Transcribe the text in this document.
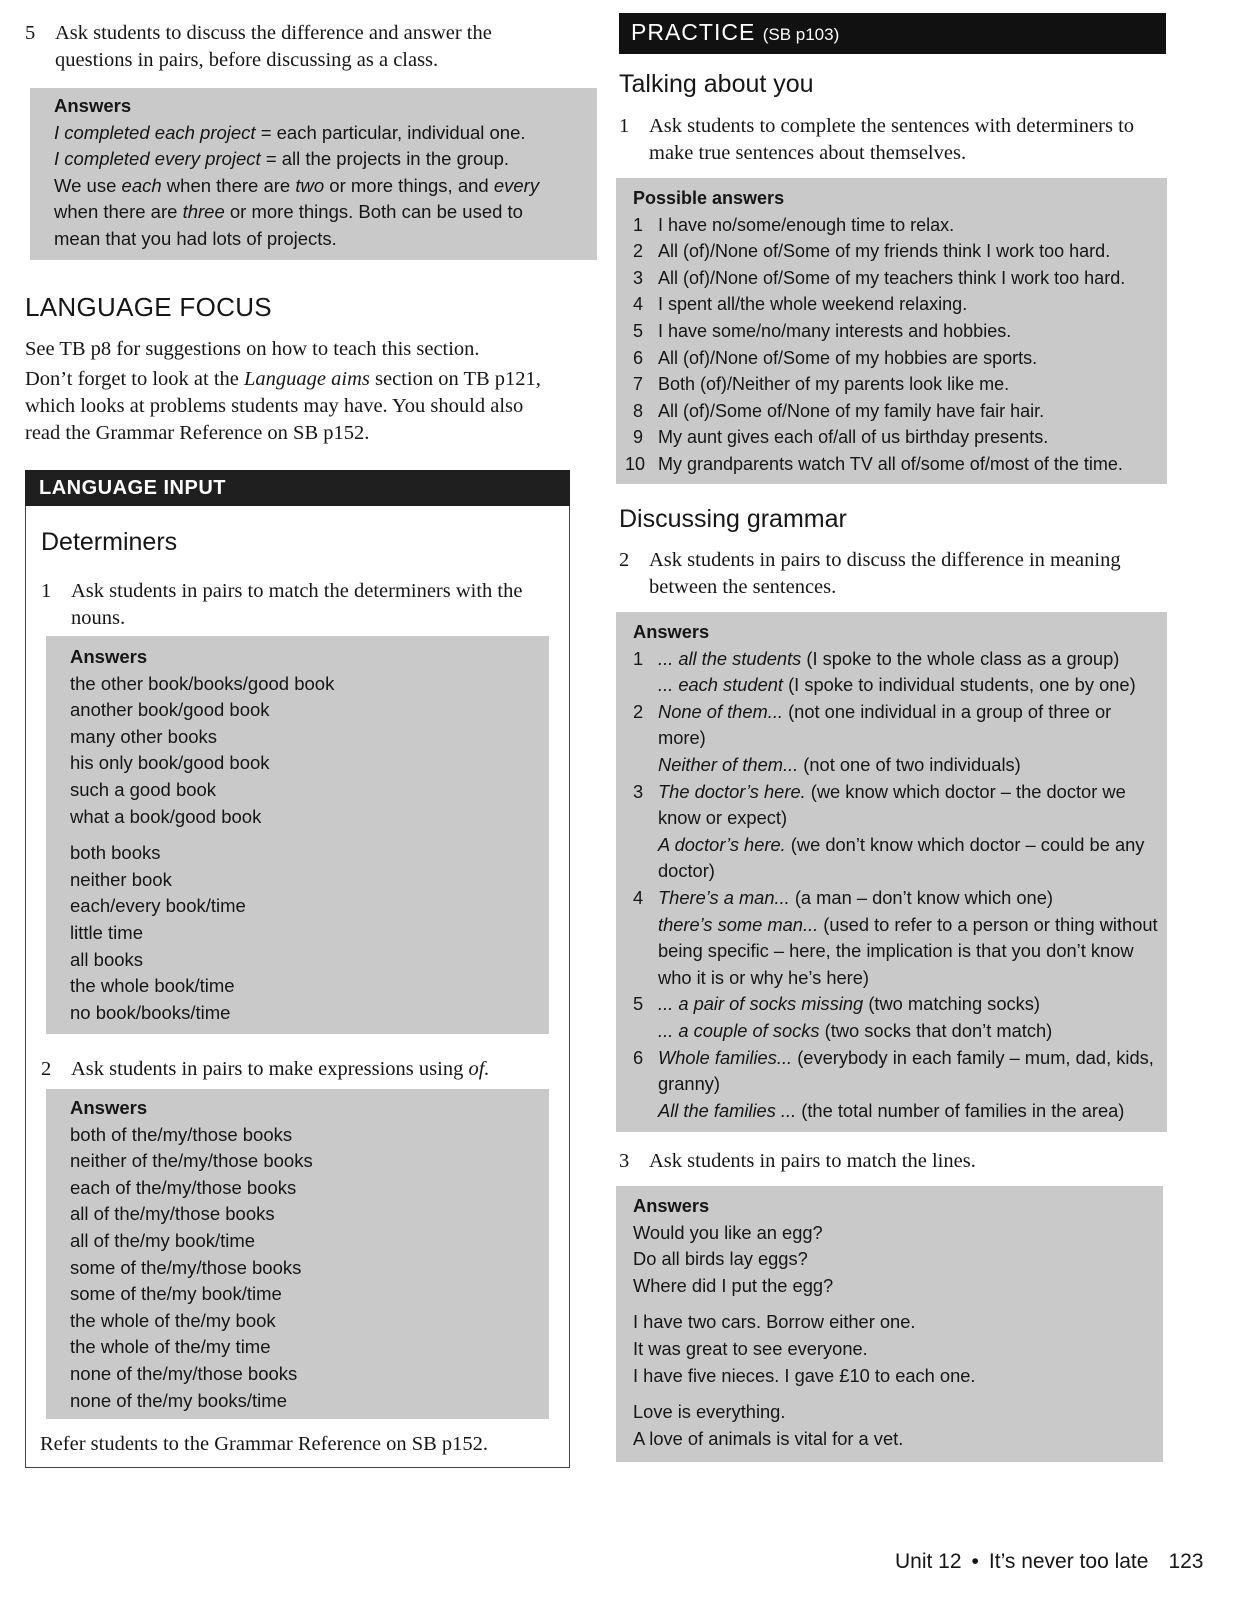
5 Ask students to discuss the difference and answer the questions in pairs, before discussing as a class.
Answers
I completed each project = each particular, individual one.
I completed every project = all the projects in the group.
We use each when there are two or more things, and every
when there are three or more things. Both can be used to
mean that you had lots of projects.
LANGUAGE FOCUS

See TB p8 for suggestions on how to teach this section.

Don’t forget to look at the Language aims section on TB p121, which looks at problems students may have. You should also read the Grammar Reference on SB p152.

LANGUAGE INPUT
Determiners
1 Ask students in pairs to match the determiners with the nouns.
Answers
the other book/books/good book
another book/good book
many other books
his only book/good book
such a good book
what a book/good book
both books
neither book
each/every book/time
little time
all books
the whole book/time
no book/books/time
2 Ask students in pairs to make expressions using of.
Answers
both of the/my/those books
neither of the/my/those books
each of the/my/those books
all of the/my/those books
all of the/my book/time
some of the/my/those books
some of the/my book/time
the whole of the/my book
the whole of the/my time
none of the/my/those books
none of the/my books/time

Refer students to the Grammar Reference on SB p152.

PRACTICE (SB p103)
Talking about you
1 Ask students to complete the sentences with determiners to make true sentences about themselves.
Possible answers
1 I have no/some/enough time to relax.
2 All (of)/None of/Some of my friends think I work too hard.
3 All (of)/None of/Some of my teachers think I work too hard.
4 I spent all/the whole weekend relaxing.
5 I have some/no/many interests and hobbies.
6 All (of)/None of/Some of my hobbies are sports.
7 Both (of)/Neither of my parents look like me.
8 All (of)/Some of/None of my family have fair hair.
9 My aunt gives each of/all of us birthday presents.
10 My grandparents watch TV all of/some of/most of the time.
Discussing grammar
2 Ask students in pairs to discuss the difference in meaning between the sentences.
Answers
1 ... all the students (I spoke to the whole class as a group)
... each student (I spoke to individual students, one by one)
2 None of them... (not one individual in a group of three or more)
Neither of them... (not one of two individuals)
3 The doctor’s here. (we know which doctor – the doctor we know or expect)
A doctor’s here. (we don’t know which doctor – could be any doctor)
4 There’s a man... (a man – don’t know which one)
there’s some man... (used to refer to a person or thing without being specific – here, the implication is that you don’t know who it is or why he’s here)
5 ... a pair of socks missing (two matching socks)
... a couple of socks (two socks that don’t match)
6 Whole families... (everybody in each family – mum, dad, kids, granny)
All the families ... (the total number of families in the area)
3 Ask students in pairs to match the lines.
Answers
Would you like an egg?
Do all birds lay eggs?
Where did I put the egg?
I have two cars. Borrow either one.
It was great to see everyone.
I have five nieces. I gave £10 to each one.
Love is everything.
A love of animals is vital for a vet.
Unit 12 • It’s never too late 123
